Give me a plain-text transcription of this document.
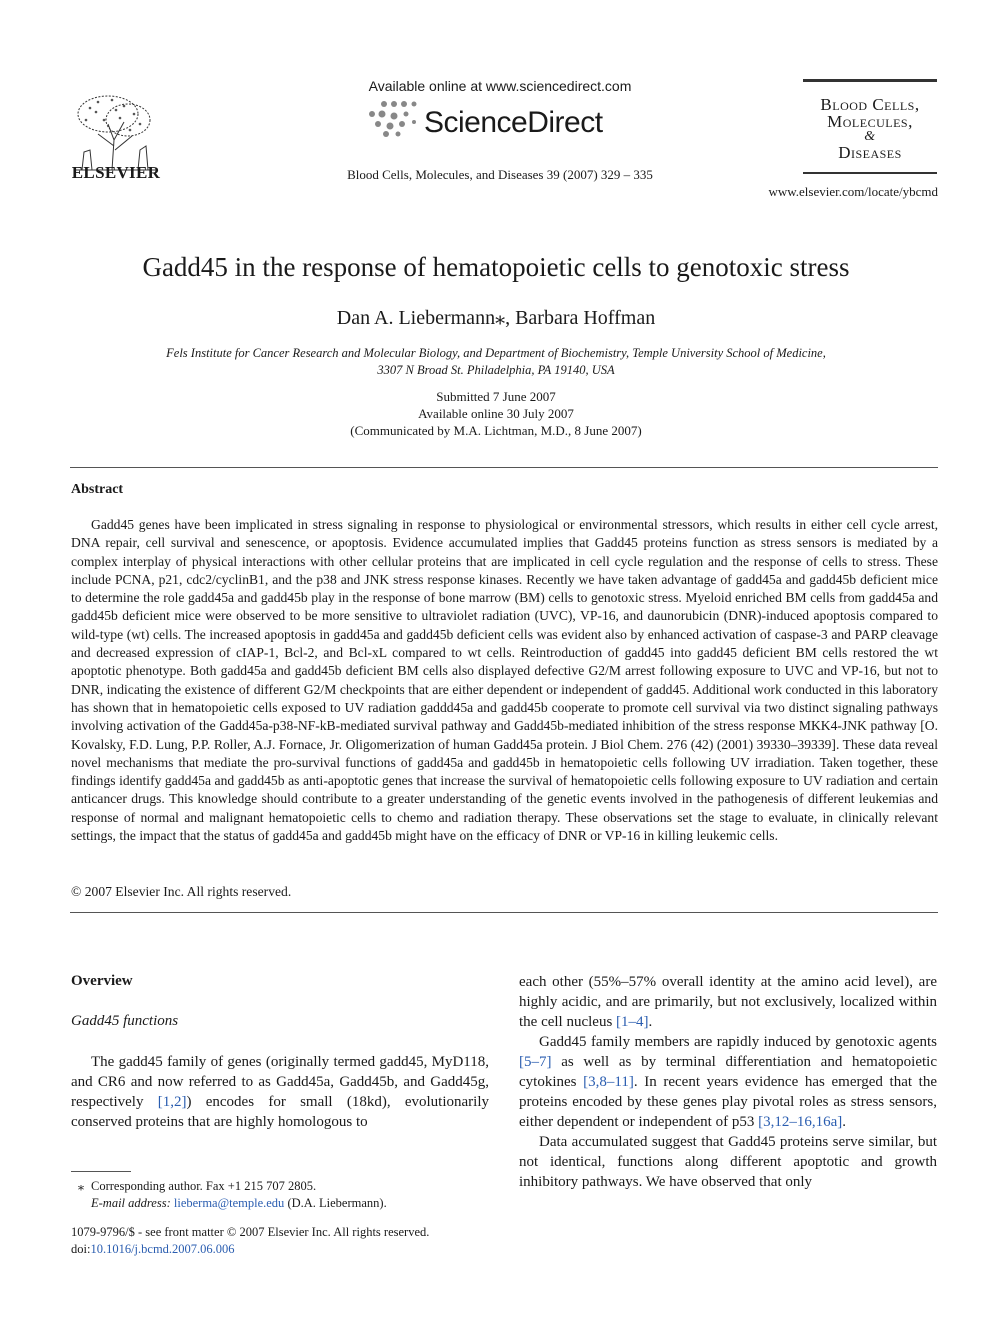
ELSEVIER
Available online at www.sciencedirect.com
ScienceDirect
Blood Cells, Molecules, and Diseases 39 (2007) 329 – 335
Blood Cells,
Molecules,
&
Diseases
www.elsevier.com/locate/ybcmd
Gadd45 in the response of hematopoietic cells to genotoxic stress
Dan A. Liebermann⁎, Barbara Hoffman
Fels Institute for Cancer Research and Molecular Biology, and Department of Biochemistry, Temple University School of Medicine,
3307 N Broad St. Philadelphia, PA 19140, USA
Submitted 7 June 2007
Available online 30 July 2007
(Communicated by M.A. Lichtman, M.D., 8 June 2007)
Abstract
Gadd45 genes have been implicated in stress signaling in response to physiological or environmental stressors, which results in either cell cycle arrest, DNA repair, cell survival and senescence, or apoptosis. Evidence accumulated implies that Gadd45 proteins function as stress sensors is mediated by a complex interplay of physical interactions with other cellular proteins that are implicated in cell cycle regulation and the response of cells to stress. These include PCNA, p21, cdc2/cyclinB1, and the p38 and JNK stress response kinases. Recently we have taken advantage of gadd45a and gadd45b deficient mice to determine the role gadd45a and gadd45b play in the response of bone marrow (BM) cells to genotoxic stress. Myeloid enriched BM cells from gadd45a and gadd45b deficient mice were observed to be more sensitive to ultraviolet radiation (UVC), VP-16, and daunorubicin (DNR)-induced apoptosis compared to wild-type (wt) cells. The increased apoptosis in gadd45a and gadd45b deficient cells was evident also by enhanced activation of caspase-3 and PARP cleavage and decreased expression of cIAP-1, Bcl-2, and Bcl-xL compared to wt cells. Reintroduction of gadd45 into gadd45 deficient BM cells restored the wt apoptotic phenotype. Both gadd45a and gadd45b deficient BM cells also displayed defective G2/M arrest following exposure to UVC and VP-16, but not to DNR, indicating the existence of different G2/M checkpoints that are either dependent or independent of gadd45. Additional work conducted in this laboratory has shown that in hematopoietic cells exposed to UV radiation gaddd45a and gadd45b cooperate to promote cell survival via two distinct signaling pathways involving activation of the Gadd45a-p38-NF-kB-mediated survival pathway and Gadd45b-mediated inhibition of the stress response MKK4-JNK pathway [O. Kovalsky, F.D. Lung, P.P. Roller, A.J. Fornace, Jr. Oligomerization of human Gadd45a protein. J Biol Chem. 276 (42) (2001) 39330–39339]. These data reveal novel mechanisms that mediate the pro-survival functions of gadd45a and gadd45b in hematopoietic cells following UV irradiation. Taken together, these findings identify gadd45a and gadd45b as anti-apoptotic genes that increase the survival of hematopoietic cells following exposure to UV radiation and certain anticancer drugs. This knowledge should contribute to a greater understanding of the genetic events involved in the pathogenesis of different leukemias and response of normal and malignant hematopoietic cells to chemo and radiation therapy. These observations set the stage to evaluate, in clinically relevant settings, the impact that the status of gadd45a and gadd45b might have on the efficacy of DNR or VP-16 in killing leukemic cells.
© 2007 Elsevier Inc. All rights reserved.
Overview
Gadd45 functions
The gadd45 family of genes (originally termed gadd45, MyD118, and CR6 and now referred to as Gadd45a, Gadd45b, and Gadd45g, respectively [1,2]) encodes for small (18kd), evolutionarily conserved proteins that are highly homologous to

each other (55%–57% overall identity at the amino acid level), are highly acidic, and are primarily, but not exclusively, localized within the cell nucleus [1–4].

Gadd45 family members are rapidly induced by genotoxic agents [5–7] as well as by terminal differentiation and hematopoietic cytokines [3,8–11]. In recent years evidence has emerged that the proteins encoded by these genes play pivotal roles as stress sensors, either dependent or independent of p53 [3,12–16,16a].

Data accumulated suggest that Gadd45 proteins serve similar, but not identical, functions along different apoptotic and growth inhibitory pathways. We have observed that only

⁎ Corresponding author. Fax +1 215 707 2805.
E-mail address: lieberma@temple.edu (D.A. Liebermann).
1079-9796/$ - see front matter © 2007 Elsevier Inc. All rights reserved.
doi:10.1016/j.bcmd.2007.06.006
